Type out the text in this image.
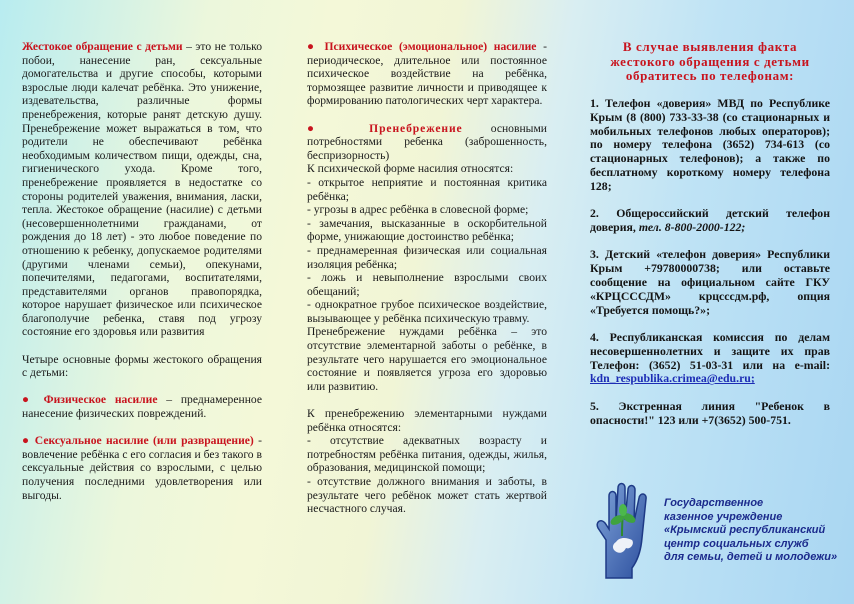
Жестокое обращение с детьми – это не только побои, нанесение ран, сексуальные домогательства и другие способы, которыми взрослые люди калечат ребёнка. Это унижение, издевательства, различные формы пренебрежения, которые ранят детскую душу. Пренебрежение может выражаться в том, что родители не обеспечивают ребёнка необходимым количеством пищи, одежды, сна, гигиенического ухода. Кроме того, пренебрежение проявляется в недостатке со стороны родителей уважения, внимания, ласки, тепла. Жестокое обращение (насилие) с детьми (несовершеннолетними гражданами, от рождения до 18 лет) - это любое поведение по отношению к ребенку, допускаемое родителями (другими членами семьи), опекунами, попечителями, педагогами, воспитателями, представителями органов правопорядка, которое нарушает физическое или психическое благополучие ребенка, ставя под угрозу состояние его здоровья или развития

Четыре основные формы жестокого обращения с детьми:

● Физическое насилие – преднамеренное нанесение физических повреждений.

● Сексуальное насилие (или развращение) - вовлечение ребёнка с его согласия и без такого в сексуальные действия со взрослыми, с целью получения последними удовлетворения или выгоды.

● Психическое (эмоциональное) насилие - периодическое, длительное или постоянное психическое воздействие на ребёнка, тормозящее развитие личности и приводящее к формированию патологических черт характера.

● Пренебрежение основными потребностями ребенка (заброшенность, беспризорность)

К психической форме насилия относятся:

- открытое неприятие и постоянная критика ребёнка;

- угрозы в адрес ребёнка в словесной форме;

- замечания, высказанные в оскорбительной форме, унижающие достоинство ребёнка;

- преднамеренная физическая или социальная изоляция ребёнка;

- ложь и невыполнение взрослыми своих обещаний;

- однократное грубое психическое воздействие, вызывающее у ребёнка психическую травму.

Пренебрежение нуждами ребёнка – это отсутствие элементарной заботы о ребёнке, в результате чего нарушается его эмоциональное состояние и появляется угроза его здоровью или развитию.

К пренебрежению элементарными нуждами ребёнка относятся:

- отсутствие адекватных возрасту и потребностям ребёнка питания, одежды, жилья, образования, медицинской помощи;

- отсутствие должного внимания и заботы, в результате чего ребёнок может стать жертвой несчастного случая.

В случае выявления факта жестокого обращения с детьми обратитесь по телефонам:

1. Телефон «доверия» МВД по Республике Крым (8 (800) 733-33-38 (со стационарных и мобильных телефонов любых операторов); по номеру телефона (3652) 734-613 (со стационарных телефонов); а также по бесплатному короткому номеру телефона 128;

2. Общероссийский детский телефон доверия, тел. 8-800-2000-122;

3. Детский «телефон доверия» Республики Крым +79780000738; или оставьте сообщение на официальном сайте ГКУ «КРЦСССДМ» крцсссдм.рф, опция «Требуется помощь?»;

4. Республиканская комиссия по делам несовершеннолетних и защите их прав Телефон: (3652) 51-03-31 или на e-mail: kdn_respublika.crimea@edu.ru;

5. Экстренная линия "Ребенок в опасности!" 123 или +7(3652) 500-751.

Государственное
казенное учреждение
«Крымский республиканский
центр социальных служб
для семьи, детей и молодежи»
